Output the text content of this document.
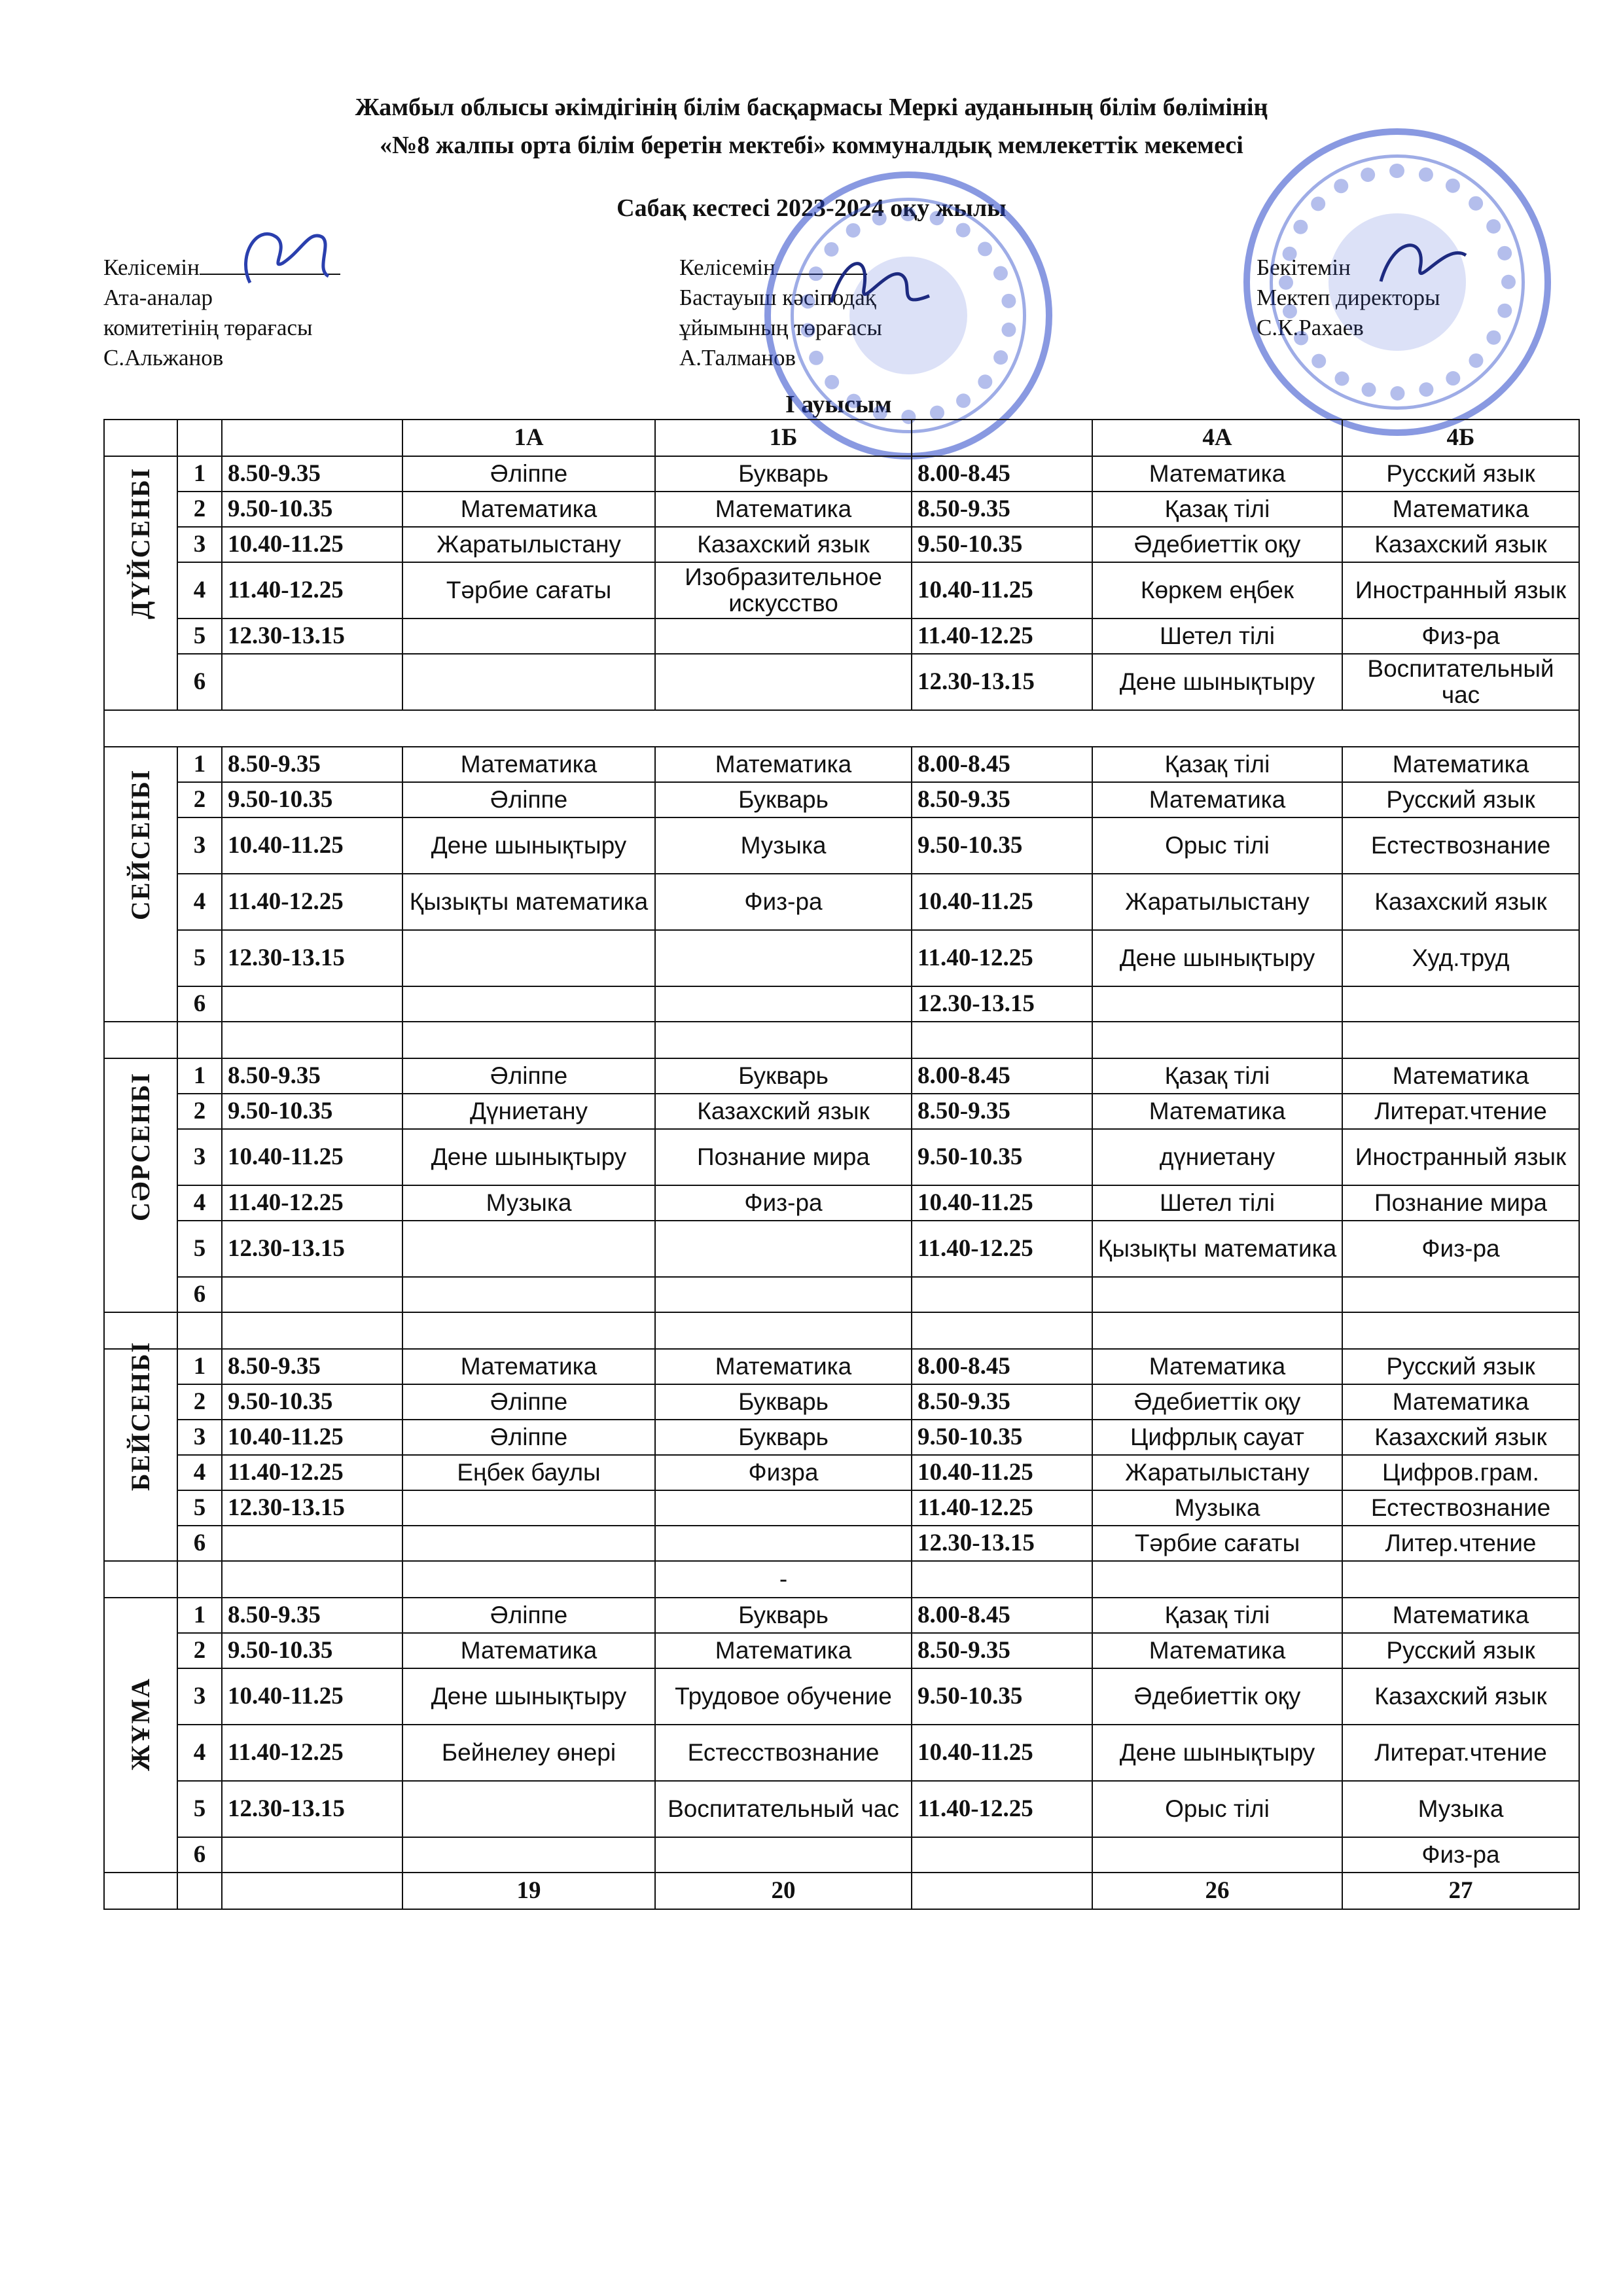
Жамбыл облысы әкімдігінің білім басқармасы Меркі ауданының білім бөлімінің
«№8 жалпы орта білім беретін мектебі» коммуналдық мемлекеттік мекемесі
Сабақ кестесі 2023-2024 оқу жылы
Келісемін
Ата-аналар
комитетінің төрағасы
С.Альжанов
Келісемін
Бастауыш кәсіподақ
ұйымының төрағасы
А.Талманов
Бекітемін
Мектеп директоры
С.К.Рахаев
I ауысым
			1А	1Б		4А	4Б

ДҮЙСЕНБІ	1	8.50-9.35	Әліппе	Букварь	8.00-8.45	Математика	Русский язык
	2	9.50-10.35	Математика	Математика	8.50-9.35	Қазақ тілі	Математика
	3	10.40-11.25	Жаратылыстану	Казахский язык	9.50-10.35	Әдебиеттік оқу	Казахский язык
	4	11.40-12.25	Тәрбие сағаты	Изобразительное искусство	10.40-11.25	Көркем еңбек	Иностранный язык
	5	12.30-13.15			11.40-12.25	Шетел тілі	Физ-ра
	6				12.30-13.15	Дене шынықтыру	Воспитательный час

СЕЙСЕНБІ	1	8.50-9.35	Математика	Математика	8.00-8.45	Қазақ тілі	Математика
	2	9.50-10.35	Әліппе	Букварь	8.50-9.35	Математика	Русский язык
	3	10.40-11.25	Дене шынықтыру	Музыка	9.50-10.35	Орыс тілі	Естествознание
	4	11.40-12.25	Қызықты математика	Физ-ра	10.40-11.25	Жаратылыстану	Казахский язык
	5	12.30-13.15			11.40-12.25	Дене шынықтыру	Худ.труд
	6				12.30-13.15		

СӘРСЕНБІ	1	8.50-9.35	Әліппе	Букварь	8.00-8.45	Қазақ тілі	Математика
	2	9.50-10.35	Дүниетану	Казахский язык	8.50-9.35	Математика	Литерат.чтение
	3	10.40-11.25	Дене шынықтыру	Познание мира	9.50-10.35	дүниетану	Иностранный язык
	4	11.40-12.25	Музыка	Физ-ра	10.40-11.25	Шетел тілі	Познание мира
	5	12.30-13.15			11.40-12.25	Қызықты математика	Физ-ра
	6						

БЕЙСЕНБІ	1	8.50-9.35	Математика	Математика	8.00-8.45	Математика	Русский язык
	2	9.50-10.35	Әліппе	Букварь	8.50-9.35	Әдебиеттік оқу	Математика
	3	10.40-11.25	Әліппе	Букварь	9.50-10.35	Цифрлық сауат	Казахский язык
	4	11.40-12.25	Еңбек баулы	Физра	10.40-11.25	Жаратылыстану	Цифров.грам.
	5	12.30-13.15			11.40-12.25	Музыка	Естествознание
	6				12.30-13.15	Тәрбие сағаты	Литер.чтение
				-			

ЖҰМА	1	8.50-9.35	Әліппе	Букварь	8.00-8.45	Қазақ тілі	Математика
	2	9.50-10.35	Математика	Математика	8.50-9.35	Математика	Русский язык
	3	10.40-11.25	Дене шынықтыру	Трудовое обучение	9.50-10.35	Әдебиеттік оқу	Казахский язык
	4	11.40-12.25	Бейнелеу өнері	Естесствознание	10.40-11.25	Дене шынықтыру	Литерат.чтение
	5	12.30-13.15		Воспитательный час	11.40-12.25	Орыс тілі	Музыка
	6						Физ-ра
			19	20		26	27
